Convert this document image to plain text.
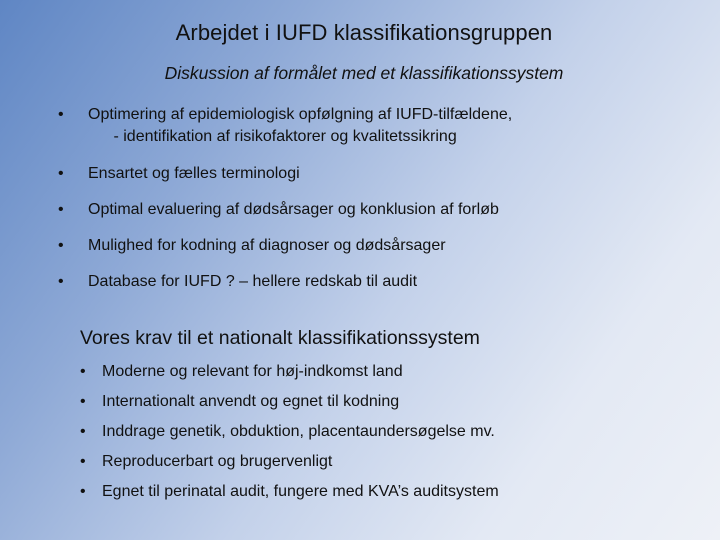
Arbejdet i IUFD klassifikationsgruppen
Diskussion af formålet med et klassifikationssystem
• Optimering af epidemiologisk opfølgning af IUFD-tilfældene,
- identifikation af risikofaktorer og kvalitetssikring
• Ensartet og fælles terminologi
• Optimal evaluering af dødsårsager og konklusion af forløb
• Mulighed for kodning af diagnoser og dødsårsager
• Database for IUFD ? – hellere redskab til audit
Vores krav til et nationalt klassifikationssystem
• Moderne og relevant for høj-indkomst land
• Internationalt anvendt og egnet til kodning
• Inddrage genetik, obduktion, placentaundersøgelse mv.
• Reproducerbart og brugervenligt
• Egnet til perinatal audit, fungere med KVA’s auditsystem
